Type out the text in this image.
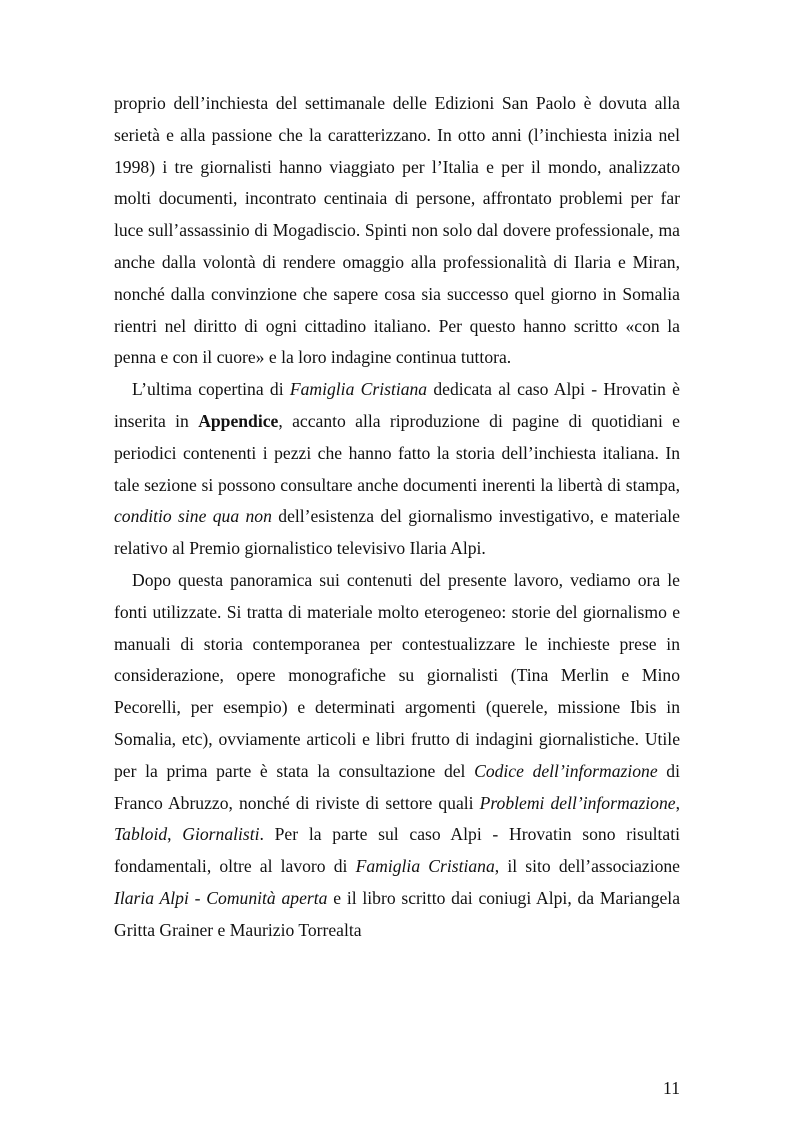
proprio dell’inchiesta del settimanale delle Edizioni San Paolo è dovuta alla serietà e alla passione che la caratterizzano. In otto anni (l’inchiesta inizia nel 1998) i tre giornalisti hanno viaggiato per l’Italia e per il mondo, analizzato molti documenti, incontrato centinaia di persone, affrontato problemi per far luce sull’assassinio di Mogadiscio. Spinti non solo dal dovere professionale, ma anche dalla volontà di rendere omaggio alla professionalità di Ilaria e Miran, nonché dalla convinzione che sapere cosa sia successo quel giorno in Somalia rientri nel diritto di ogni cittadino italiano. Per questo hanno scritto «con la penna e con il cuore» e la loro indagine continua tuttora.

L’ultima copertina di Famiglia Cristiana dedicata al caso Alpi - Hrovatin è inserita in Appendice, accanto alla riproduzione di pagine di quotidiani e periodici contenenti i pezzi che hanno fatto la storia dell’inchiesta italiana. In tale sezione si possono consultare anche documenti inerenti la libertà di stampa, conditio sine qua non dell’esistenza del giornalismo investigativo, e materiale relativo al Premio giornalistico televisivo Ilaria Alpi.

Dopo questa panoramica sui contenuti del presente lavoro, vediamo ora le fonti utilizzate. Si tratta di materiale molto eterogeneo: storie del giornalismo e manuali di storia contemporanea per contestualizzare le inchieste prese in considerazione, opere monografiche su giornalisti (Tina Merlin e Mino Pecorelli, per esempio) e determinati argomenti (querele, missione Ibis in Somalia, etc), ovviamente articoli e libri frutto di indagini giornalistiche. Utile per la prima parte è stata la consultazione del Codice dell’informazione di Franco Abruzzo, nonché di riviste di settore quali Problemi dell’informazione, Tabloid, Giornalisti. Per la parte sul caso Alpi - Hrovatin sono risultati fondamentali, oltre al lavoro di Famiglia Cristiana, il sito dell’associazione Ilaria Alpi - Comunità aperta e il libro scritto dai coniugi Alpi, da Mariangela Gritta Grainer e Maurizio Torrealta

11
